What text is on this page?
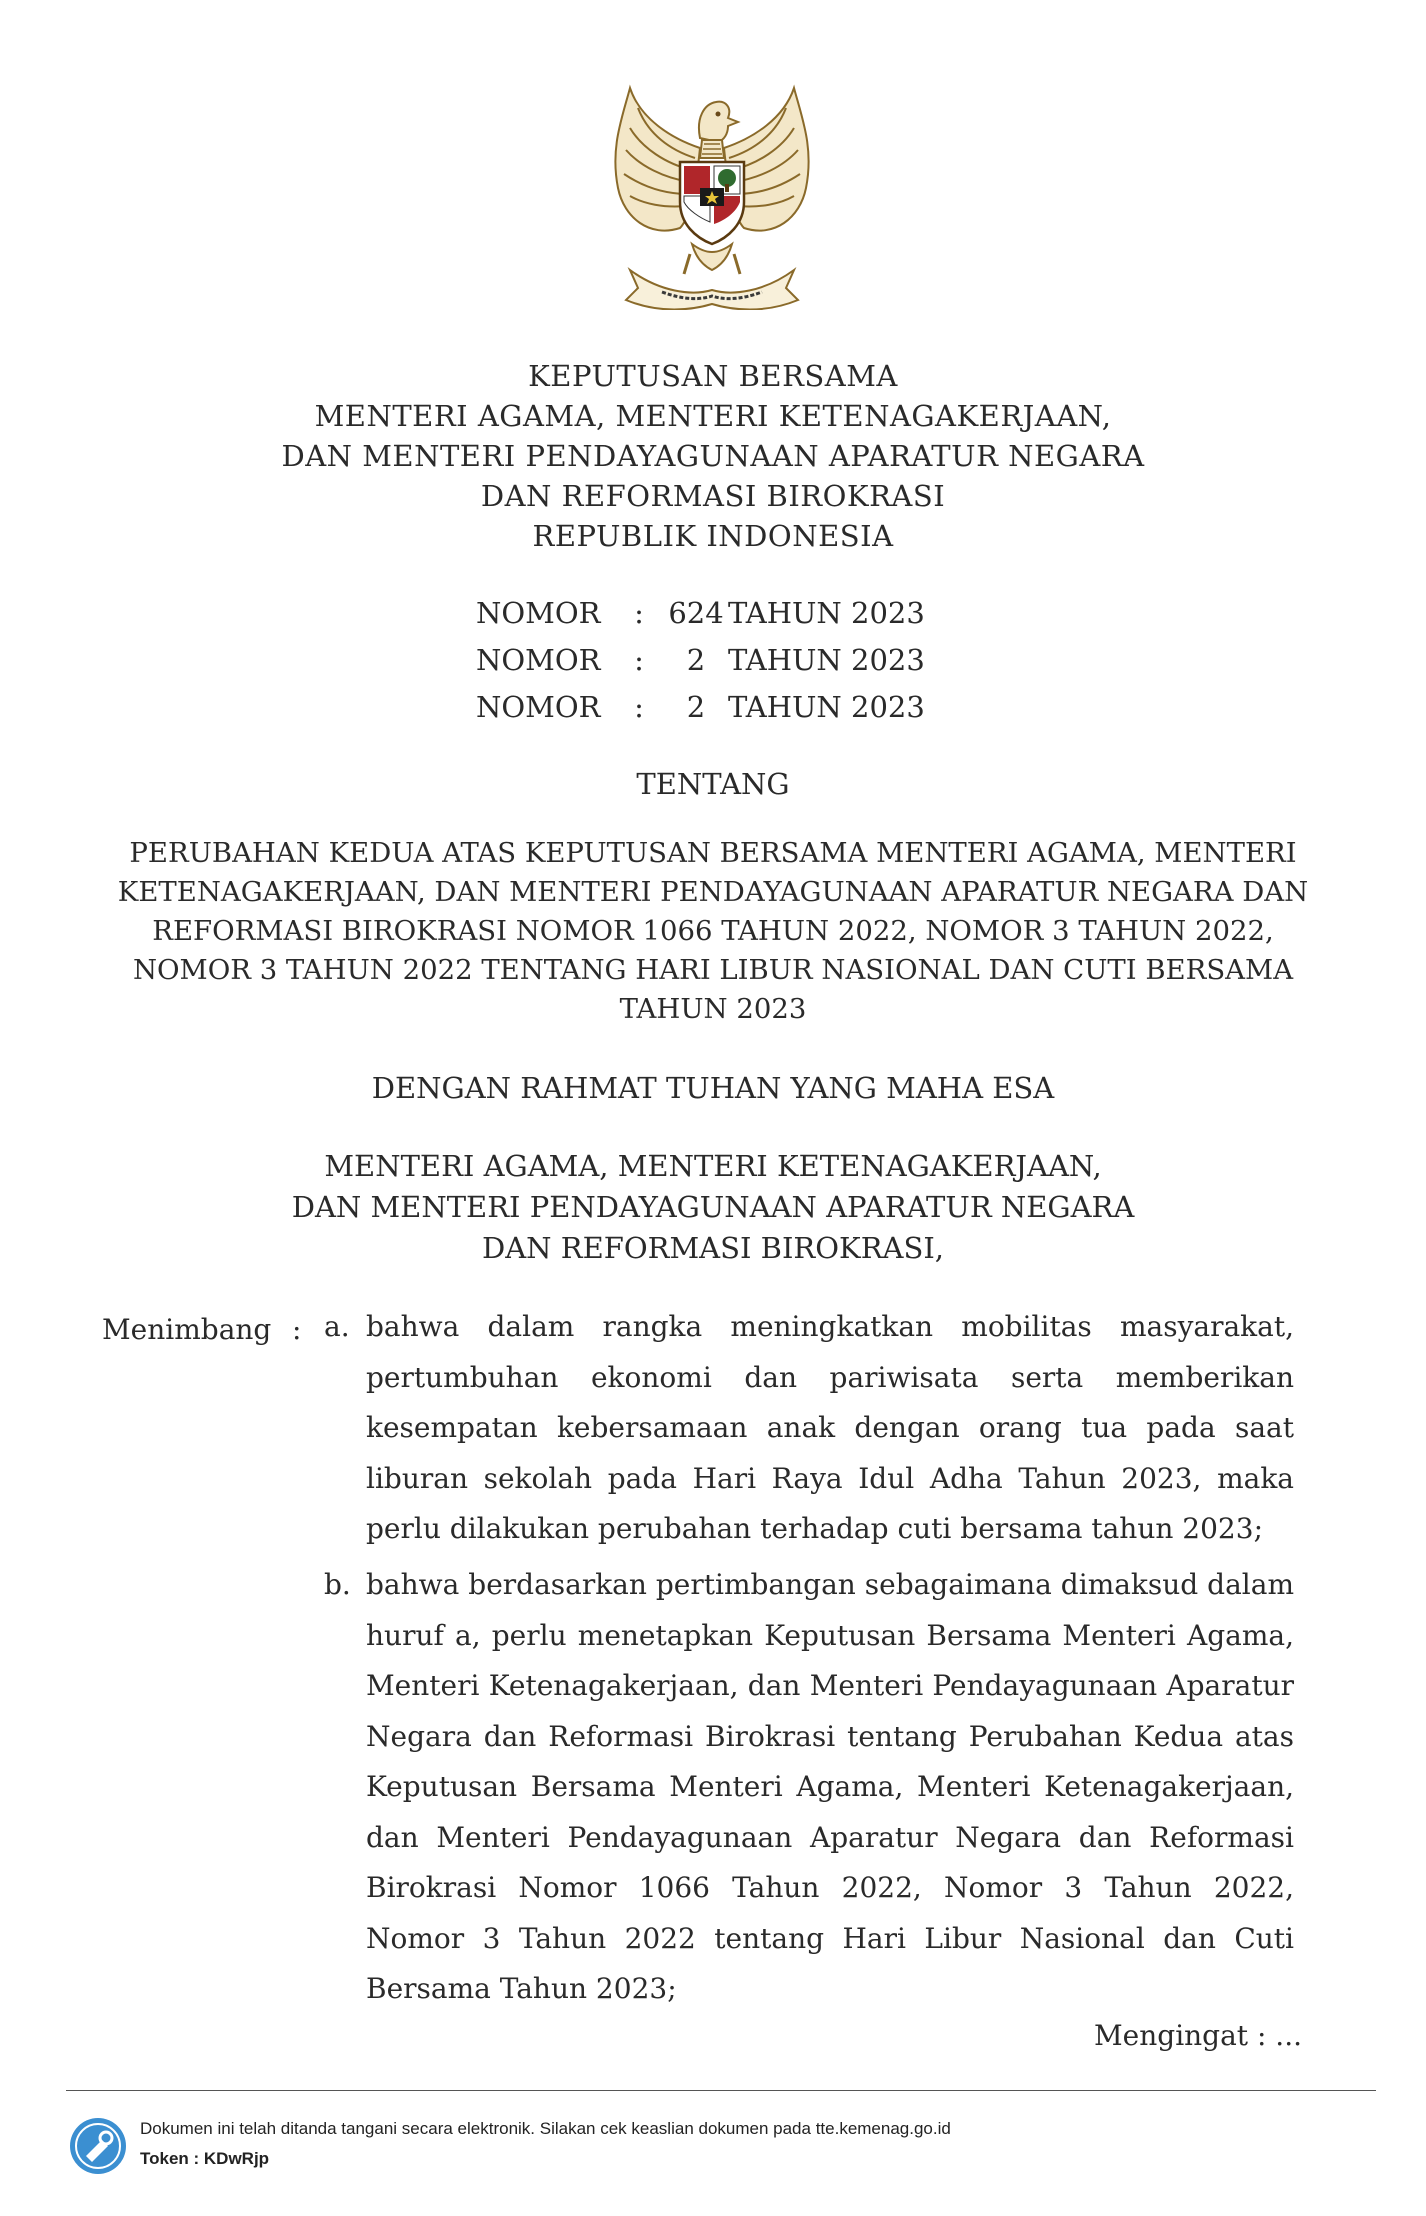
KEPUTUSAN BERSAMA
MENTERI AGAMA, MENTERI KETENAGAKERJAAN,
DAN MENTERI PENDAYAGUNAAN APARATUR NEGARA
DAN REFORMASI BIROKRASI
REPUBLIK INDONESIA
NOMOR	: 624 TAHUN 2023
NOMOR	:	2 TAHUN 2023
NOMOR	:	2 TAHUN 2023
TENTANG
PERUBAHAN KEDUA ATAS KEPUTUSAN BERSAMA MENTERI AGAMA, MENTERI
KETENAGAKERJAAN, DAN MENTERI PENDAYAGUNAAN APARATUR NEGARA DAN
REFORMASI BIROKRASI NOMOR 1066 TAHUN 2022, NOMOR 3 TAHUN 2022,
NOMOR 3 TAHUN 2022 TENTANG HARI LIBUR NASIONAL DAN CUTI BERSAMA
TAHUN 2023
DENGAN RAHMAT TUHAN YANG MAHA ESA
MENTERI AGAMA, MENTERI KETENAGAKERJAAN,
DAN MENTERI PENDAYAGUNAAN APARATUR NEGARA
DAN REFORMASI BIROKRASI,
Menimbang : a. bahwa dalam rangka meningkatkan mobilitas masyarakat, pertumbuhan ekonomi dan pariwisata serta memberikan kesempatan kebersamaan anak dengan orang tua pada saat liburan sekolah pada Hari Raya Idul Adha Tahun 2023, maka perlu dilakukan perubahan terhadap cuti bersama tahun 2023;
b. bahwa berdasarkan pertimbangan sebagaimana dimaksud dalam huruf a, perlu menetapkan Keputusan Bersama Menteri Agama, Menteri Ketenagakerjaan, dan Menteri Pendayagunaan Aparatur Negara dan Reformasi Birokrasi tentang Perubahan Kedua atas Keputusan Bersama Menteri Agama, Menteri Ketenagakerjaan, dan Menteri Pendayagunaan Aparatur Negara dan Reformasi Birokrasi Nomor 1066 Tahun 2022, Nomor 3 Tahun 2022, Nomor 3 Tahun 2022 tentang Hari Libur Nasional dan Cuti Bersama Tahun 2023;
Mengingat : ...
Dokumen ini telah ditanda tangani secara elektronik. Silakan cek keaslian dokumen pada tte.kemenag.go.id
Token : KDwRjp
